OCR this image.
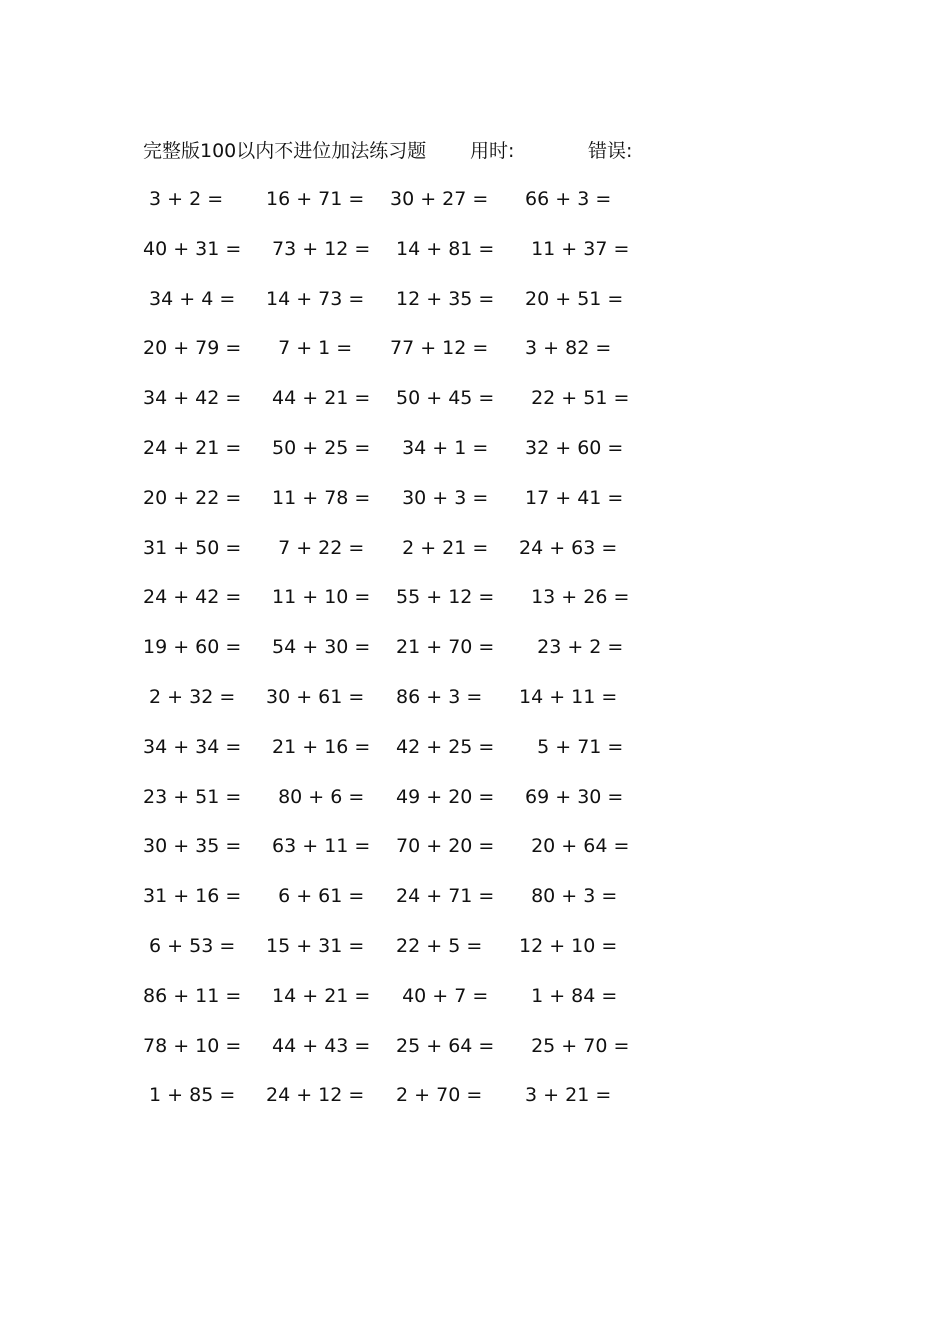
完整版100以内不进位加法练习题 用时:	错误:
3 + 2 =	16 + 71 = 30 + 27 = 66 + 3 =
40 + 31 = 73 + 12 = 14 + 81 = 11 + 37 =
34 + 4 =	14 + 73 = 12 + 35 = 20 + 51 =
20 + 79 = 7 + 1 =	77 + 12 = 3 + 82 =
34 + 42 = 44 + 21 = 50 + 45 = 22 + 51 =
24 + 21 = 50 + 25 = 34 + 1 = 32 + 60 =
20 + 22 = 11 + 78 = 30 + 3 = 17 + 41 =
31 + 50 = 7 + 22 = 2 + 21 = 24 + 63 =
24 + 42 = 11 + 10 = 55 + 12 = 13 + 26 =
19 + 60 = 54 + 30 = 21 + 70 = 23 + 2 =
2 + 32 =	30 + 61 = 86 + 3 =	14 + 11 =
34 + 34 = 21 + 16 = 42 + 25 = 5 + 71 =
23 + 51 = 80 + 6 = 49 + 20 = 69 + 30 =
30 + 35 = 63 + 11 = 70 + 20 = 20 + 64 =
31 + 16 = 6 + 61 = 24 + 71 = 80 + 3 =
6 + 53 =	15 + 31 = 22 + 5 =	12 + 10 =
86 + 11 = 14 + 21 = 40 + 7 = 1 + 84 =
78 + 10 = 44 + 43 = 25 + 64 = 25 + 70 =
1 + 85 =	24 + 12 = 2 + 70 =	3 + 21 =
